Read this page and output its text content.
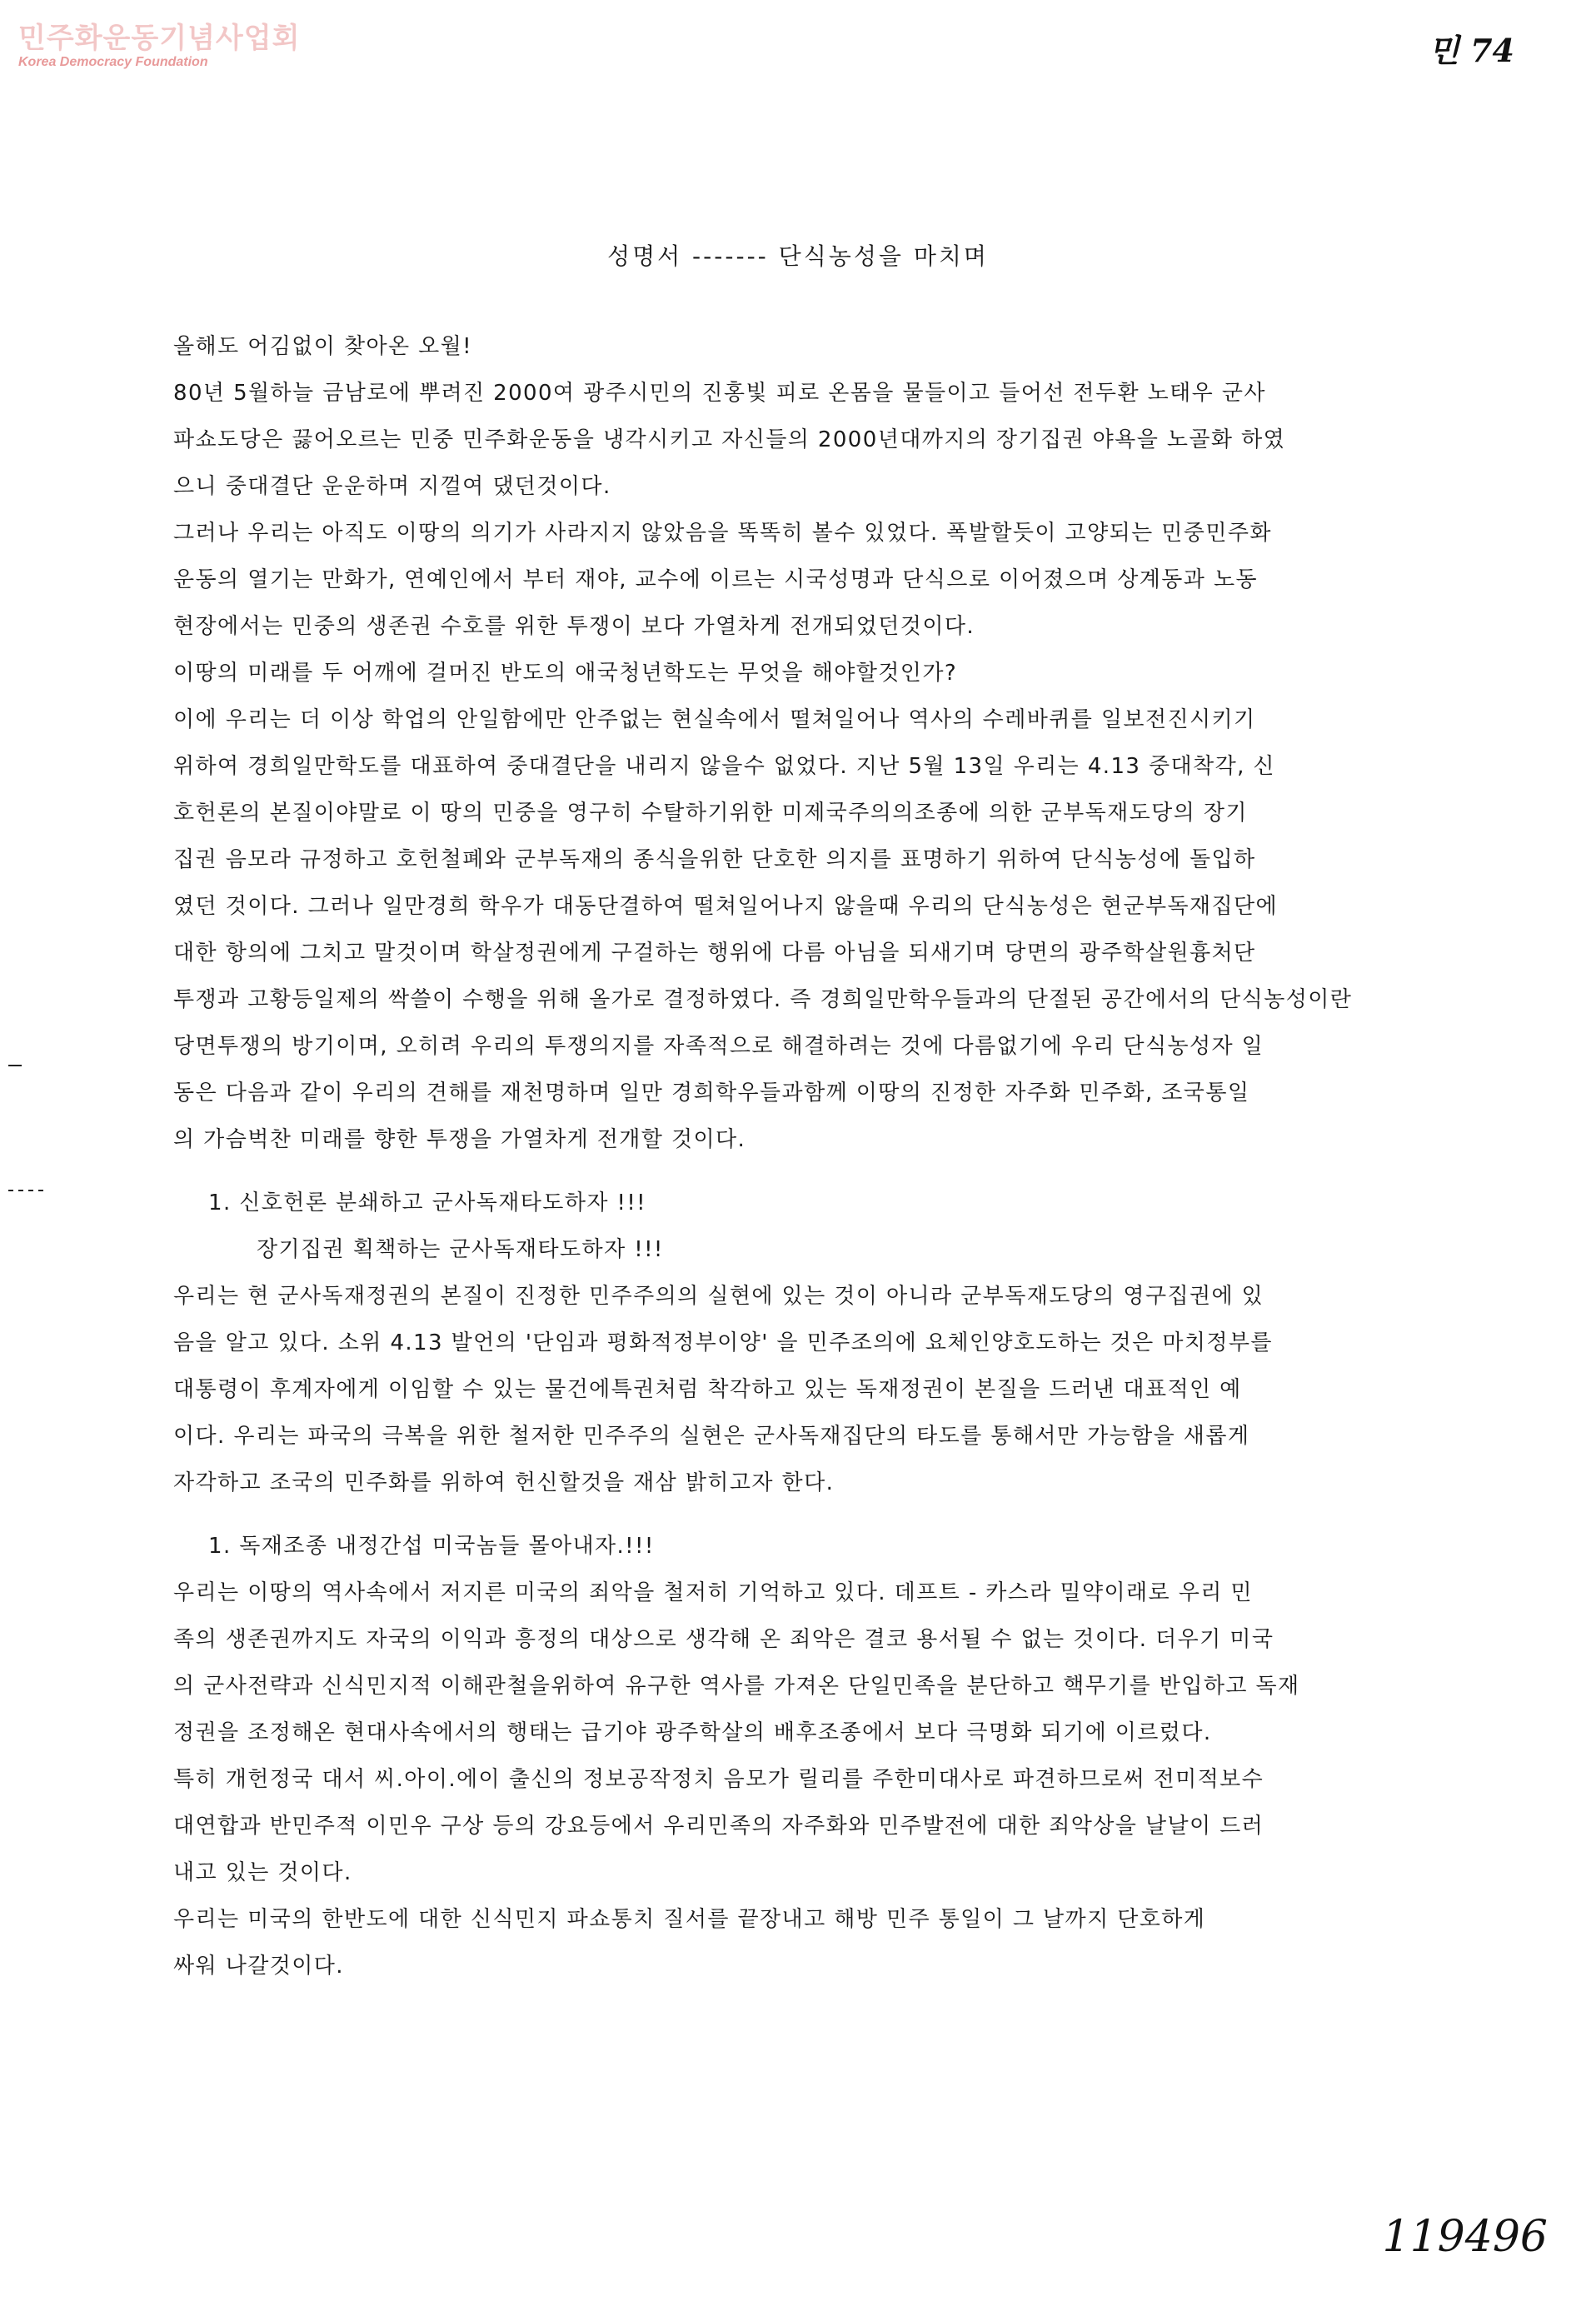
민주화운동기념사업회
Korea Democracy Foundation	민 74
성명서 ------- 단식농성을 마치며
올해도 어김없이 찾아온 오월!
80년 5월하늘 금남로에 뿌려진 2000여 광주시민의 진홍빛 피로 온몸을 물들이고 들어선 전두환 노태우 군사
파쇼도당은 끓어오르는 민중 민주화운동을 냉각시키고 자신들의 2000년대까지의 장기집권 야욕을 노골화 하였
으니 중대결단 운운하며 지껄여 댔던것이다.
그러나 우리는 아직도 이땅의 의기가 사라지지 않았음을 똑똑히 볼수 있었다. 폭발할듯이 고양되는 민중민주화
운동의 열기는 만화가, 연예인에서 부터 재야, 교수에 이르는 시국성명과 단식으로 이어졌으며 상계동과 노동
현장에서는 민중의 생존권 수호를 위한 투쟁이 보다 가열차게 전개되었던것이다.
이땅의 미래를 두 어깨에 걸머진 반도의 애국청년학도는 무엇을 해야할것인가?
이에 우리는 더 이상 학업의 안일함에만 안주없는 현실속에서 떨쳐일어나 역사의 수레바퀴를 일보전진시키기
위하여 경희일만학도를 대표하여 중대결단을 내리지 않을수 없었다. 지난 5월 13일 우리는 4.13 중대착각, 신
호헌론의 본질이야말로 이 땅의 민중을 영구히 수탈하기위한 미제국주의의조종에 의한 군부독재도당의 장기
집권 음모라 규정하고 호헌철폐와 군부독재의 종식을위한 단호한 의지를 표명하기 위하여 단식농성에 돌입하
였던 것이다. 그러나 일만경희 학우가 대동단결하여 떨쳐일어나지 않을때 우리의 단식농성은 현군부독재집단에
대한 항의에 그치고 말것이며 학살정권에게 구걸하는 행위에 다름 아님을 되새기며 당면의 광주학살원흉처단
투쟁과 고황등일제의 싹쓸이 수행을 위해 올가로 결정하였다. 즉 경희일만학우들과의 단절된 공간에서의 단식농성이란
당면투쟁의 방기이며, 오히려 우리의 투쟁의지를 자족적으로 해결하려는 것에 다름없기에 우리 단식농성자 일
동은 다음과 같이 우리의 견해를 재천명하며 일만 경희학우들과함께 이땅의 진정한 자주화 민주화, 조국통일
의 가슴벅찬 미래를 향한 투쟁을 가열차게 전개할 것이다.
1. 신호헌론 분쇄하고 군사독재타도하자 !!!
장기집권 획책하는 군사독재타도하자 !!!
우리는 현 군사독재정권의 본질이 진정한 민주주의의 실현에 있는 것이 아니라 군부독재도당의 영구집권에 있
음을 알고 있다. 소위 4.13 발언의 '단임과 평화적정부이양' 을 민주조의에 요체인양호도하는 것은 마치정부를
대통령이 후계자에게 이임할 수 있는 물건에특권처럼 착각하고 있는 독재정권이 본질을 드러낸 대표적인 예
이다. 우리는 파국의 극복을 위한 철저한 민주주의 실현은 군사독재집단의 타도를 통해서만 가능함을 새롭게
자각하고 조국의 민주화를 위하여 헌신할것을 재삼 밝히고자 한다.
1. 독재조종 내정간섭 미국놈들 몰아내자.!!!
우리는 이땅의 역사속에서 저지른 미국의 죄악을 철저히 기억하고 있다. 데프트 - 카스라 밀약이래로 우리 민
족의 생존권까지도 자국의 이익과 흥정의 대상으로 생각해 온 죄악은 결코 용서될 수 없는 것이다. 더우기 미국
의 군사전략과 신식민지적 이해관철을위하여 유구한 역사를 가져온 단일민족을 분단하고 핵무기를 반입하고 독재
정권을 조정해온 현대사속에서의 행태는 급기야 광주학살의 배후조종에서 보다 극명화 되기에 이르렀다.
특히 개헌정국 대서 씨.아이.에이 출신의 정보공작정치 음모가 릴리를 주한미대사로 파견하므로써 전미적보수
대연합과 반민주적 이민우 구상 등의 강요등에서 우리민족의 자주화와 민주발전에 대한 죄악상을 날날이 드러
내고 있는 것이다.
우리는 미국의 한반도에 대한 신식민지 파쇼통치 질서를 끝장내고 해방 민주 통일이 그 날까지 단호하게
싸워 나갈것이다.
119496
